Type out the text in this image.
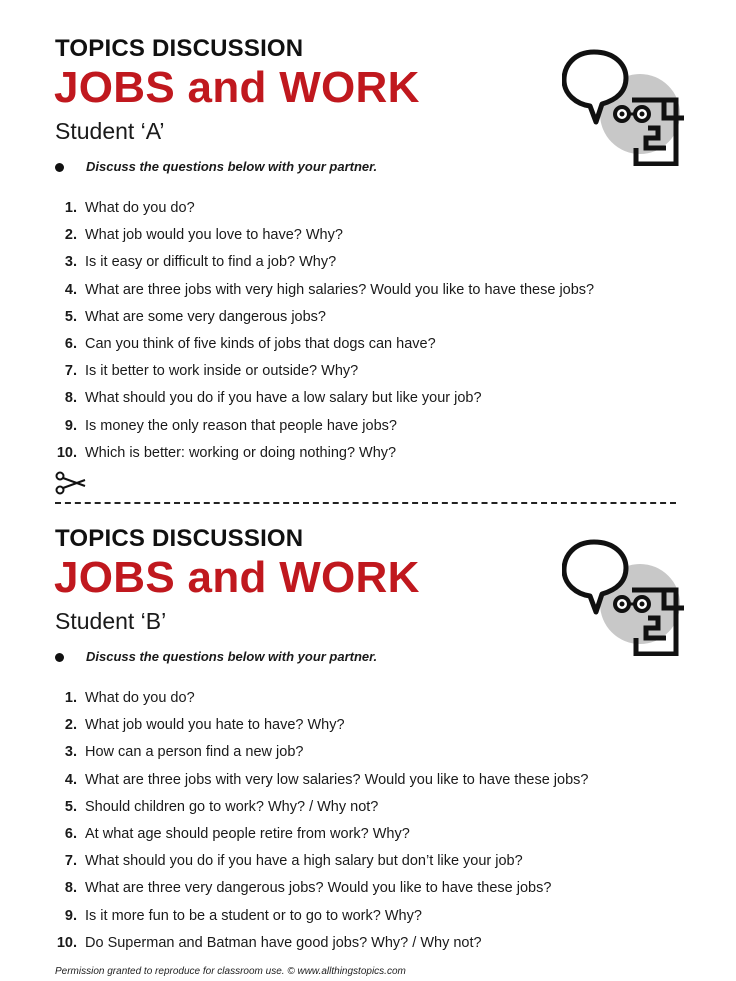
TOPICS DISCUSSION
JOBS and WORK
Student ‘A’
Discuss the questions below with your partner.
1. What do you do?
2. What job would you love to have? Why?
3. Is it easy or difficult to find a job? Why?
4. What are three jobs with very high salaries? Would you like to have these jobs?
5. What are some very dangerous jobs?
6. Can you think of five kinds of jobs that dogs can have?
7. Is it better to work inside or outside? Why?
8. What should you do if you have a low salary but like your job?
9. Is money the only reason that people have jobs?
10. Which is better: working or doing nothing? Why?
TOPICS DISCUSSION
JOBS and WORK
Student ‘B’
Discuss the questions below with your partner.
1. What do you do?
2. What job would you hate to have? Why?
3. How can a person find a new job?
4. What are three jobs with very low salaries? Would you like to have these jobs?
5. Should children go to work? Why? / Why not?
6. At what age should people retire from work? Why?
7. What should you do if you have a high salary but don’t like your job?
8. What are three very dangerous jobs? Would you like to have these jobs?
9. Is it more fun to be a student or to go to work? Why?
10. Do Superman and Batman have good jobs? Why? / Why not?
Permission granted to reproduce for classroom use. © www.allthingstopics.com
